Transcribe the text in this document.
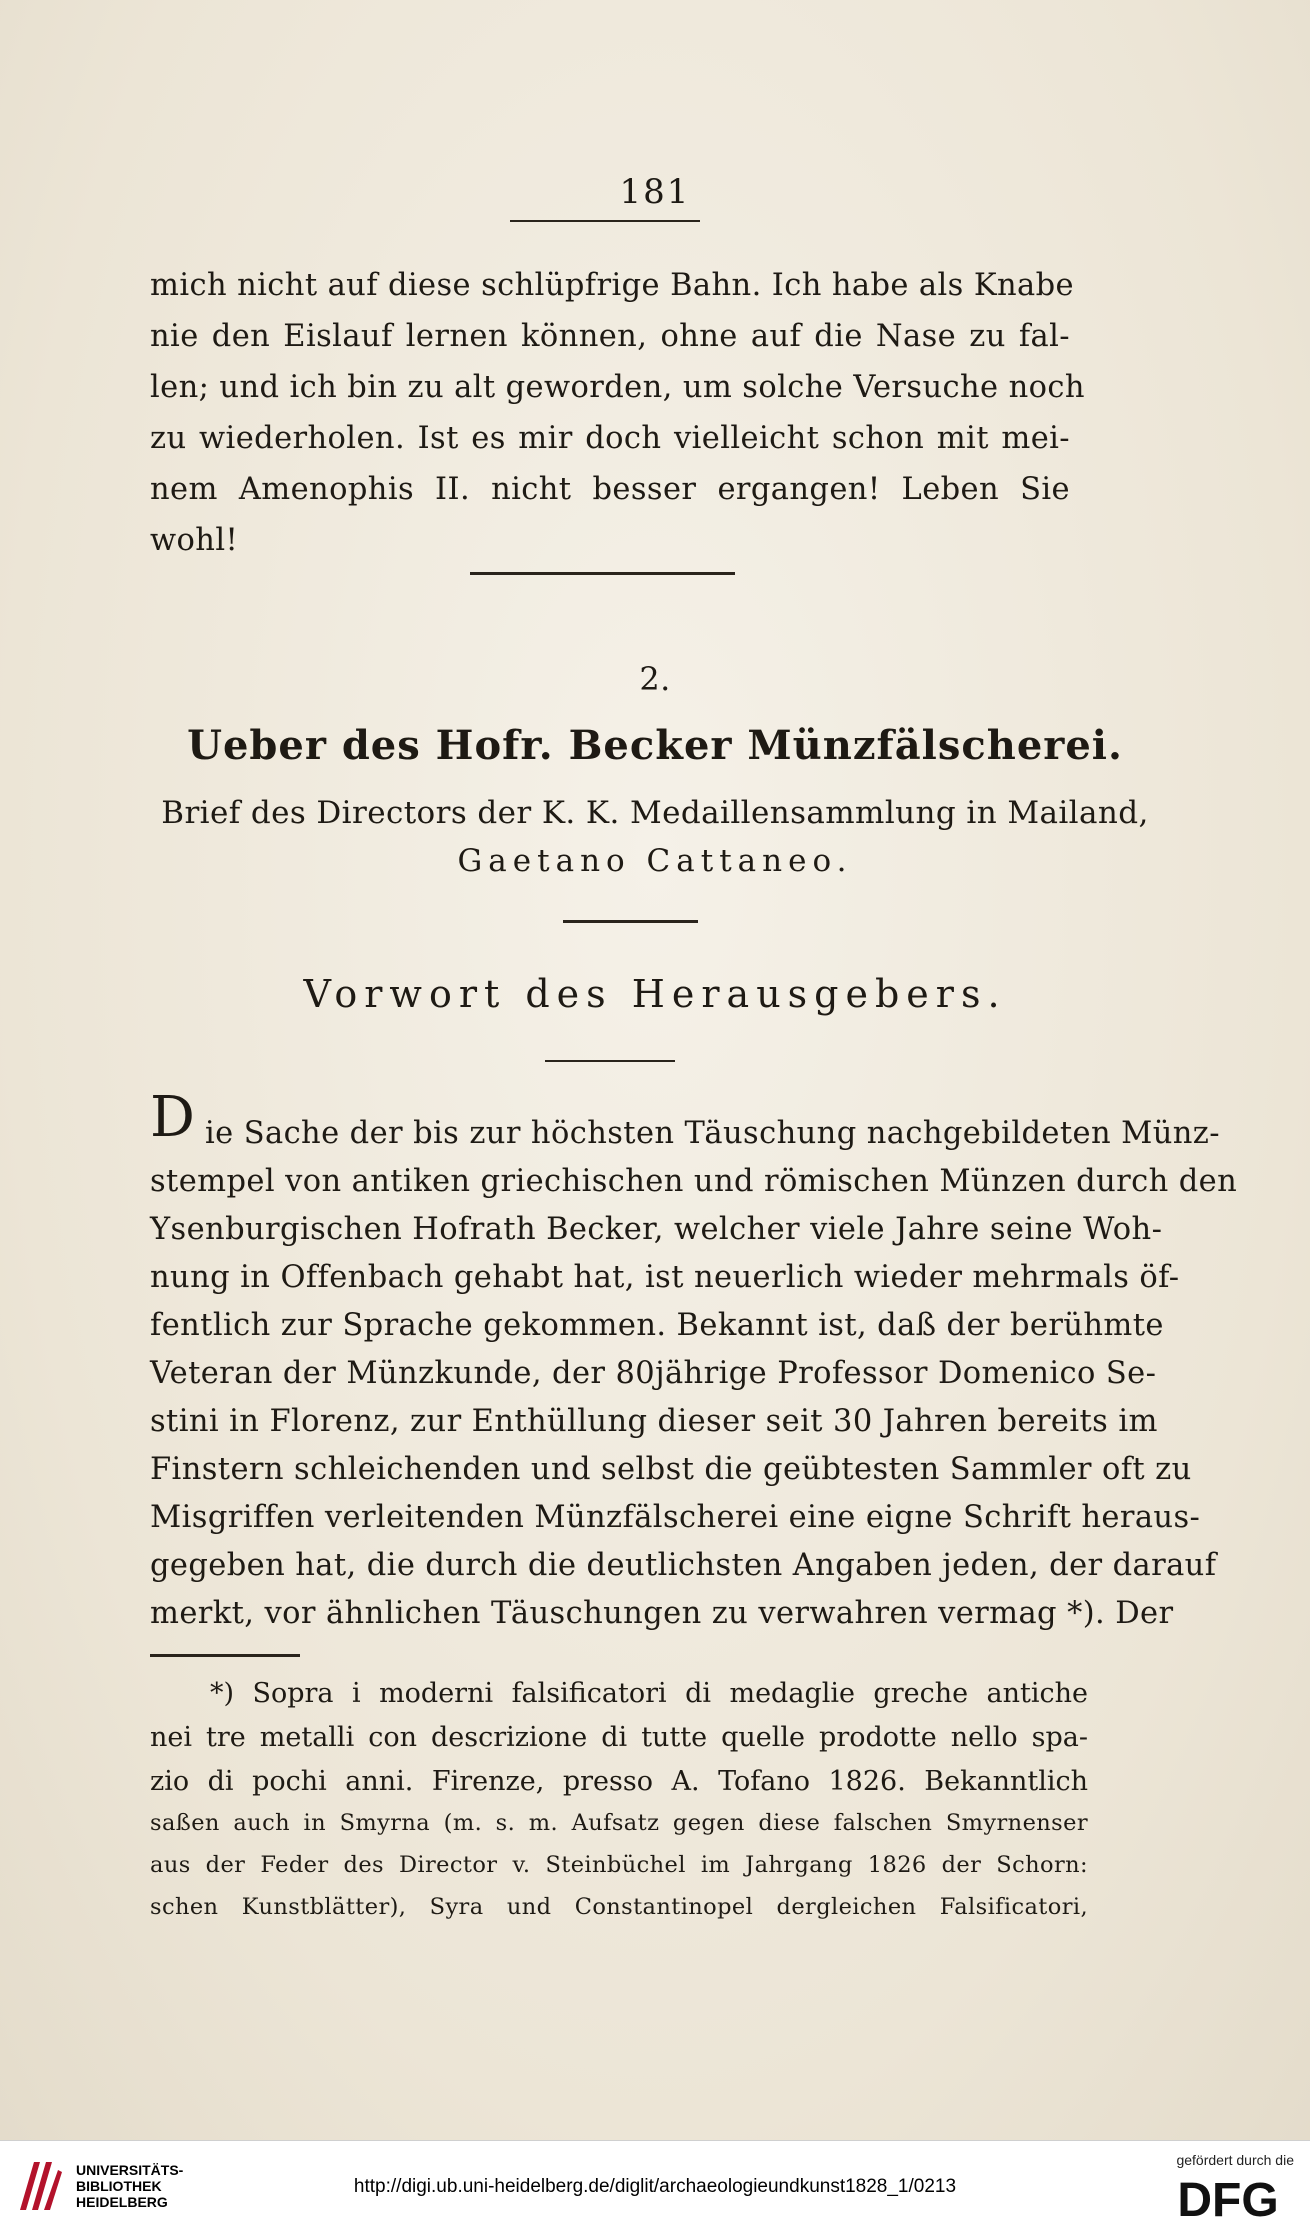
181
mich nicht auf diese schlüpfrige Bahn. Ich habe als Knabe
nie den Eislauf lernen können, ohne auf die Nase zu fal-
len; und ich bin zu alt geworden, um solche Versuche noch
zu wiederholen. Ist es mir doch vielleicht schon mit mei-
nem Amenophis II. nicht besser ergangen! Leben Sie
wohl!
2.
Ueber des Hofr. Becker Münzfälscherei.
Brief des Directors der K. K. Medaillensammlung in Mailand,
Gaetano Cattaneo.
Vorwort des Herausgebers.
D ie Sache der bis zur höchsten Täuschung nachgebildeten Münz-
stempel von antiken griechischen und römischen Münzen durch den
Ysenburgischen Hofrath Becker, welcher viele Jahre seine Woh-
nung in Offenbach gehabt hat, ist neuerlich wieder mehrmals öf-
fentlich zur Sprache gekommen. Bekannt ist, daß der berühmte
Veteran der Münzkunde, der 80jährige Professor Domenico Se-
stini in Florenz, zur Enthüllung dieser seit 30 Jahren bereits im
Finstern schleichenden und selbst die geübtesten Sammler oft zu
Misgriffen verleitenden Münzfälscherei eine eigne Schrift heraus-
gegeben hat, die durch die deutlichsten Angaben jeden, der darauf
merkt, vor ähnlichen Täuschungen zu verwahren vermag *). Der
*) Sopra i moderni falsificatori di medaglie greche antiche
nei tre metalli con descrizione di tutte quelle prodotte nello spa-
zio di pochi anni. Firenze, presso A. Tofano 1826. Bekanntlich
saßen auch in Smyrna (m. s. m. Aufsatz gegen diese falschen Smyrnenser
aus der Feder des Director v. Steinbüchel im Jahrgang 1826 der Schorn:
schen Kunstblätter), Syra und Constantinopel dergleichen Falsificatori,
UNIVERSITÄTS-
BIBLIOTHEK
HEIDELBERG
http://digi.ub.uni-heidelberg.de/diglit/archaeologieundkunst1828_1/0213
gefördert durch die
DFG
